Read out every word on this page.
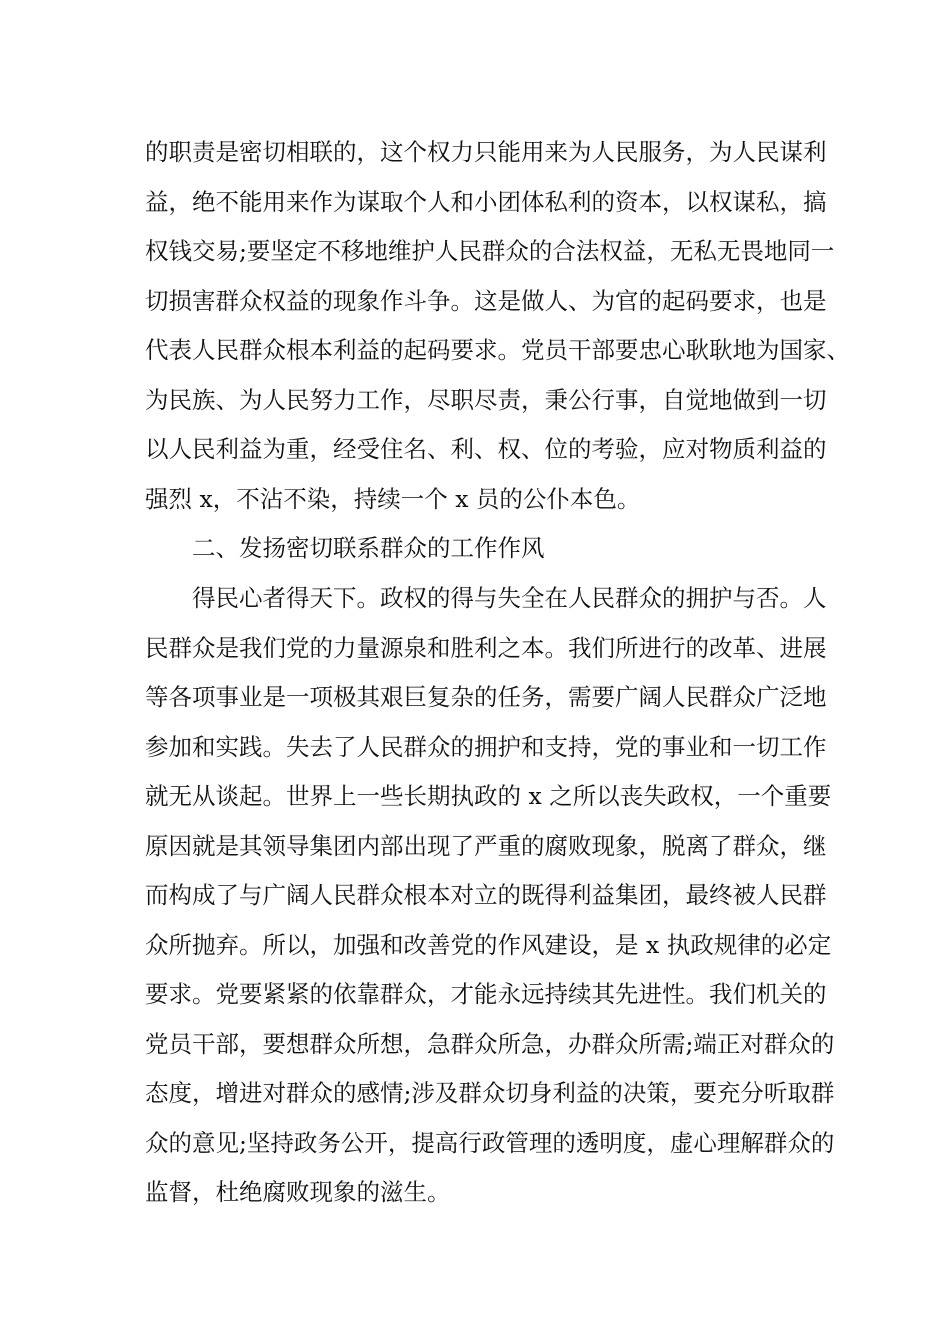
的职责是密切相联的，这个权力只能用来为人民服务，为人民谋利
益，绝不能用来作为谋取个人和小团体私利的资本，以权谋私，搞
权钱交易;要坚定不移地维护人民群众的合法权益，无私无畏地同一
切损害群众权益的现象作斗争。这是做人、为官的起码要求，也是
代表人民群众根本利益的起码要求。党员干部要忠心耿耿地为国家、
为民族、为人民努力工作，尽职尽责，秉公行事，自觉地做到一切
以人民利益为重，经受住名、利、权、位的考验，应对物质利益的
强烈 x，不沾不染，持续一个 x 员的公仆本色。
二、发扬密切联系群众的工作作风
得民心者得天下。政权的得与失全在人民群众的拥护与否。人
民群众是我们党的力量源泉和胜利之本。我们所进行的改革、进展
等各项事业是一项极其艰巨复杂的任务，需要广阔人民群众广泛地
参加和实践。失去了人民群众的拥护和支持，党的事业和一切工作
就无从谈起。世界上一些长期执政的 x 之所以丧失政权，一个重要
原因就是其领导集团内部出现了严重的腐败现象，脱离了群众，继
而构成了与广阔人民群众根本对立的既得利益集团，最终被人民群
众所抛弃。所以，加强和改善党的作风建设，是 x 执政规律的必定
要求。党要紧紧的依靠群众，才能永远持续其先进性。我们机关的
党员干部，要想群众所想，急群众所急，办群众所需;端正对群众的
态度，增进对群众的感情;涉及群众切身利益的决策，要充分听取群
众的意见;坚持政务公开，提高行政管理的透明度，虚心理解群众的
监督，杜绝腐败现象的滋生。
